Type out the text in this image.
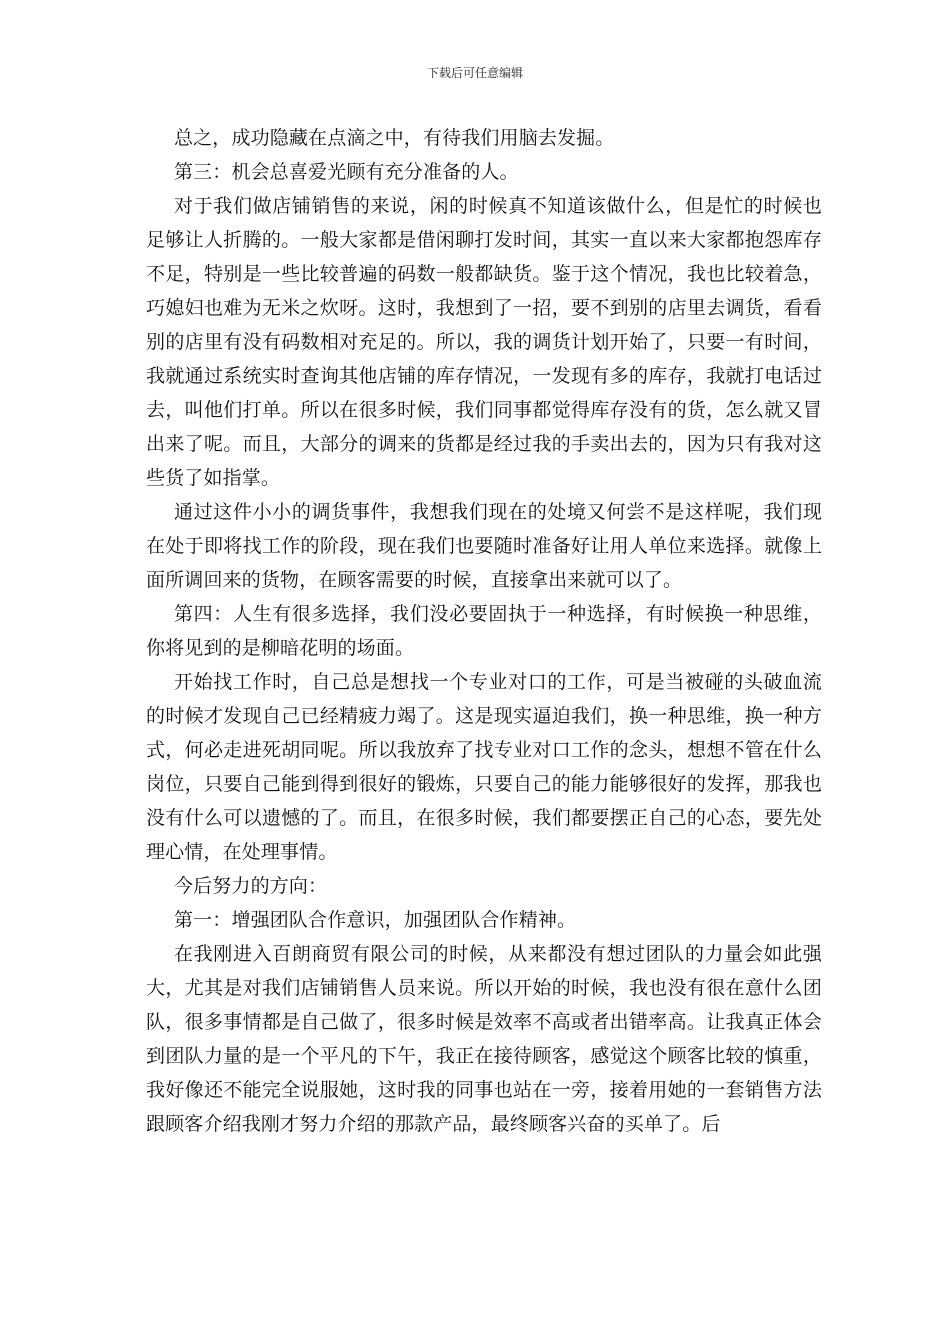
下载后可任意编辑

总之，成功隐藏在点滴之中，有待我们用脑去发掘。

第三：机会总喜爱光顾有充分准备的人。

对于我们做店铺销售的来说，闲的时候真不知道该做什么，但是忙的时候也足够让人折腾的。一般大家都是借闲聊打发时间，其实一直以来大家都抱怨库存不足，特别是一些比较普遍的码数一般都缺货。鉴于这个情况，我也比较着急，巧媳妇也难为无米之炊呀。这时，我想到了一招，要不到别的店里去调货，看看别的店里有没有码数相对充足的。所以，我的调货计划开始了，只要一有时间，我就通过系统实时查询其他店铺的库存情况，一发现有多的库存，我就打电话过去，叫他们打单。所以在很多时候，我们同事都觉得库存没有的货，怎么就又冒出来了呢。而且，大部分的调来的货都是经过我的手卖出去的，因为只有我对这些货了如指掌。

通过这件小小的调货事件，我想我们现在的处境又何尝不是这样呢，我们现在处于即将找工作的阶段，现在我们也要随时准备好让用人单位来选择。就像上面所调回来的货物，在顾客需要的时候，直接拿出来就可以了。

第四：人生有很多选择，我们没必要固执于一种选择，有时候换一种思维，你将见到的是柳暗花明的场面。

开始找工作时，自己总是想找一个专业对口的工作，可是当被碰的头破血流的时候才发现自己已经精疲力竭了。这是现实逼迫我们，换一种思维，换一种方式，何必走进死胡同呢。所以我放弃了找专业对口工作的念头，想想不管在什么岗位，只要自己能到得到很好的锻炼，只要自己的能力能够很好的发挥，那我也没有什么可以遗憾的了。而且，在很多时候，我们都要摆正自己的心态，要先处理心情，在处理事情。

今后努力的方向：

第一：增强团队合作意识，加强团队合作精神。

在我刚进入百朗商贸有限公司的时候，从来都没有想过团队的力量会如此强大，尤其是对我们店铺销售人员来说。所以开始的时候，我也没有很在意什么团队，很多事情都是自己做了，很多时候是效率不高或者出错率高。让我真正体会到团队力量的是一个平凡的下午，我正在接待顾客，感觉这个顾客比较的慎重，我好像还不能完全说服她，这时我的同事也站在一旁，接着用她的一套销售方法跟顾客介绍我刚才努力介绍的那款产品，最终顾客兴奋的买单了。后
